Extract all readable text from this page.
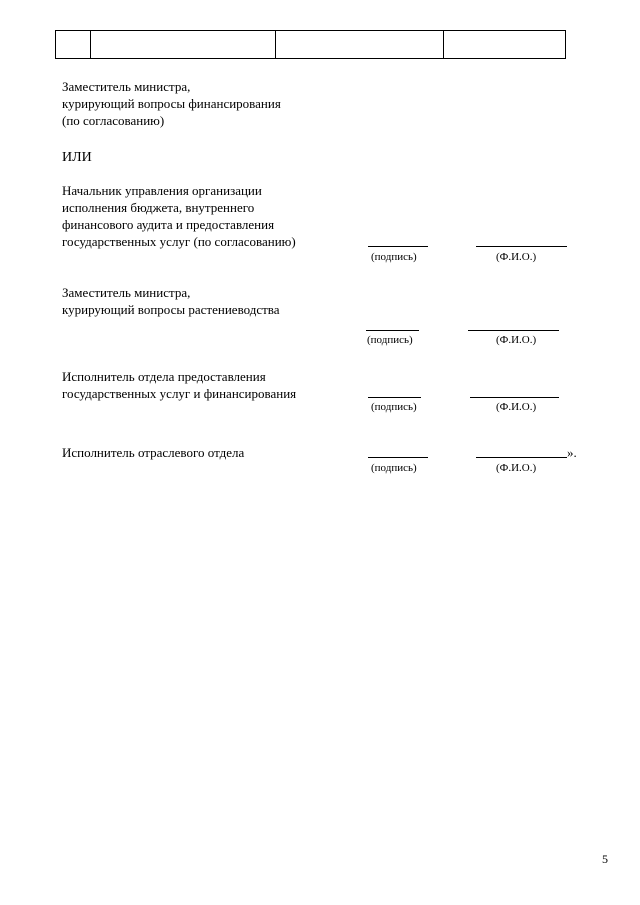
Заместитель министра,
курирующий вопросы финансирования
(по согласованию)
ИЛИ
Начальник управления организации
исполнения бюджета, внутреннего
финансового аудита и предоставления
государственных услуг (по согласованию)
(подпись)	(Ф.И.О.)
Заместитель министра,
курирующий вопросы растениеводства
(подпись)	(Ф.И.О.)
Исполнитель отдела предоставления
государственных услуг и финансирования
(подпись)	(Ф.И.О.)
Исполнитель отраслевого отдела	».
(подпись)	(Ф.И.О.)
5
